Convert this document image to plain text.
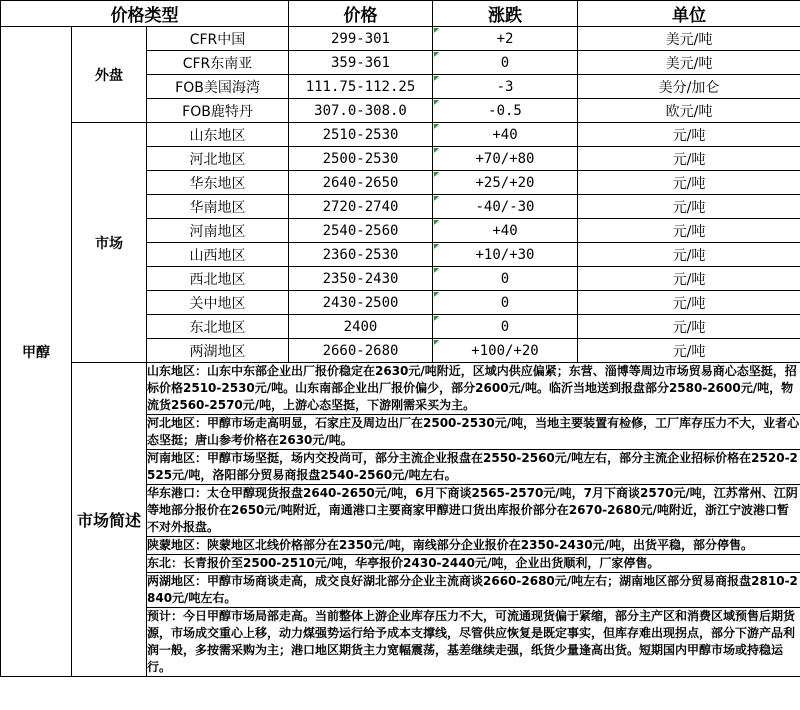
价格类型			价格	涨跌	单位
甲醇	外盘	CFR中国	299-301	+2	美元/吨
		CFR东南亚	359-361	0	美元/吨
		FOB美国海湾	111.75-112.25	-3	美分/加仑
		FOB鹿特丹	307.0-308.0	-0.5	欧元/吨
	市场	山东地区	2510-2530	+40	元/吨
		河北地区	2500-2530	+70/+80	元/吨
		华东地区	2640-2650	+25/+20	元/吨
		华南地区	2720-2740	-40/-30	元/吨
		河南地区	2540-2560	+40	元/吨
		山西地区	2360-2530	+10/+30	元/吨
		西北地区	2350-2430	0	元/吨
		关中地区	2430-2500	0	元/吨
		东北地区	2400	0	元/吨
		两湖地区	2660-2680	+100/+20	元/吨
	市场简述	山东地区：山东中东部企业出厂报价稳定在2630元/吨附近，区域内供应偏紧；东营、淄博等周边市场贸易商心态坚挺，招标价格2510-2530元/吨。山东南部企业出厂报价偏少，部分2600元/吨。临沂当地送到报盘部分2580-2600元/吨，物流货2560-2570元/吨，上游心态坚挺，下游刚需采买为主。			
		河北地区：甲醇市场走高明显，石家庄及周边出厂在2500-2530元/吨，当地主要装置有检修，工厂库存压力不大，业者心态坚挺；唐山参考价格在2630元/吨。			
		河南地区：甲醇市场坚挺，场内交投尚可，部分主流企业报盘在2550-2560元/吨左右，部分主流企业招标价格在2520-2525元/吨，洛阳部分贸易商报盘2540-2560元/吨左右。			
		华东港口：太仓甲醇现货报盘2640-2650元/吨，6月下商谈2565-2570元/吨，7月下商谈2570元/吨，江苏常州、江阴等地部分报价在2650元/吨附近，南通港口主要商家甲醇进口货出库报价部分在2670-2680元/吨附近，浙江宁波港口暂不对外报盘。			
		陕蒙地区：陕蒙地区北线价格部分在2350元/吨，南线部分企业报价在2350-2430元/吨，出货平稳，部分停售。			
		东北：长青报价至2500-2510元/吨，华亭报价2430-2440元/吨，企业出货顺利，厂家停售。			
		两湖地区：甲醇市场商谈走高，成交良好湖北部分企业主流商谈2660-2680元/吨左右；湖南地区部分贸易商报盘2810-2840元/吨左右。			
		预计：今日甲醇市场局部走高。当前整体上游企业库存压力不大，可流通现货偏于紧缩，部分主产区和消费区域预售后期货源，市场成交重心上移，动力煤强势运行给予成本支撑线，尽管供应恢复是既定事实，但库存难出现拐点，部分下游产品利润一般，多按需采购为主；港口地区期货主力宽幅震荡，基差继续走强，纸货少量逢高出货。短期国内甲醇市场或持稳运行。			
